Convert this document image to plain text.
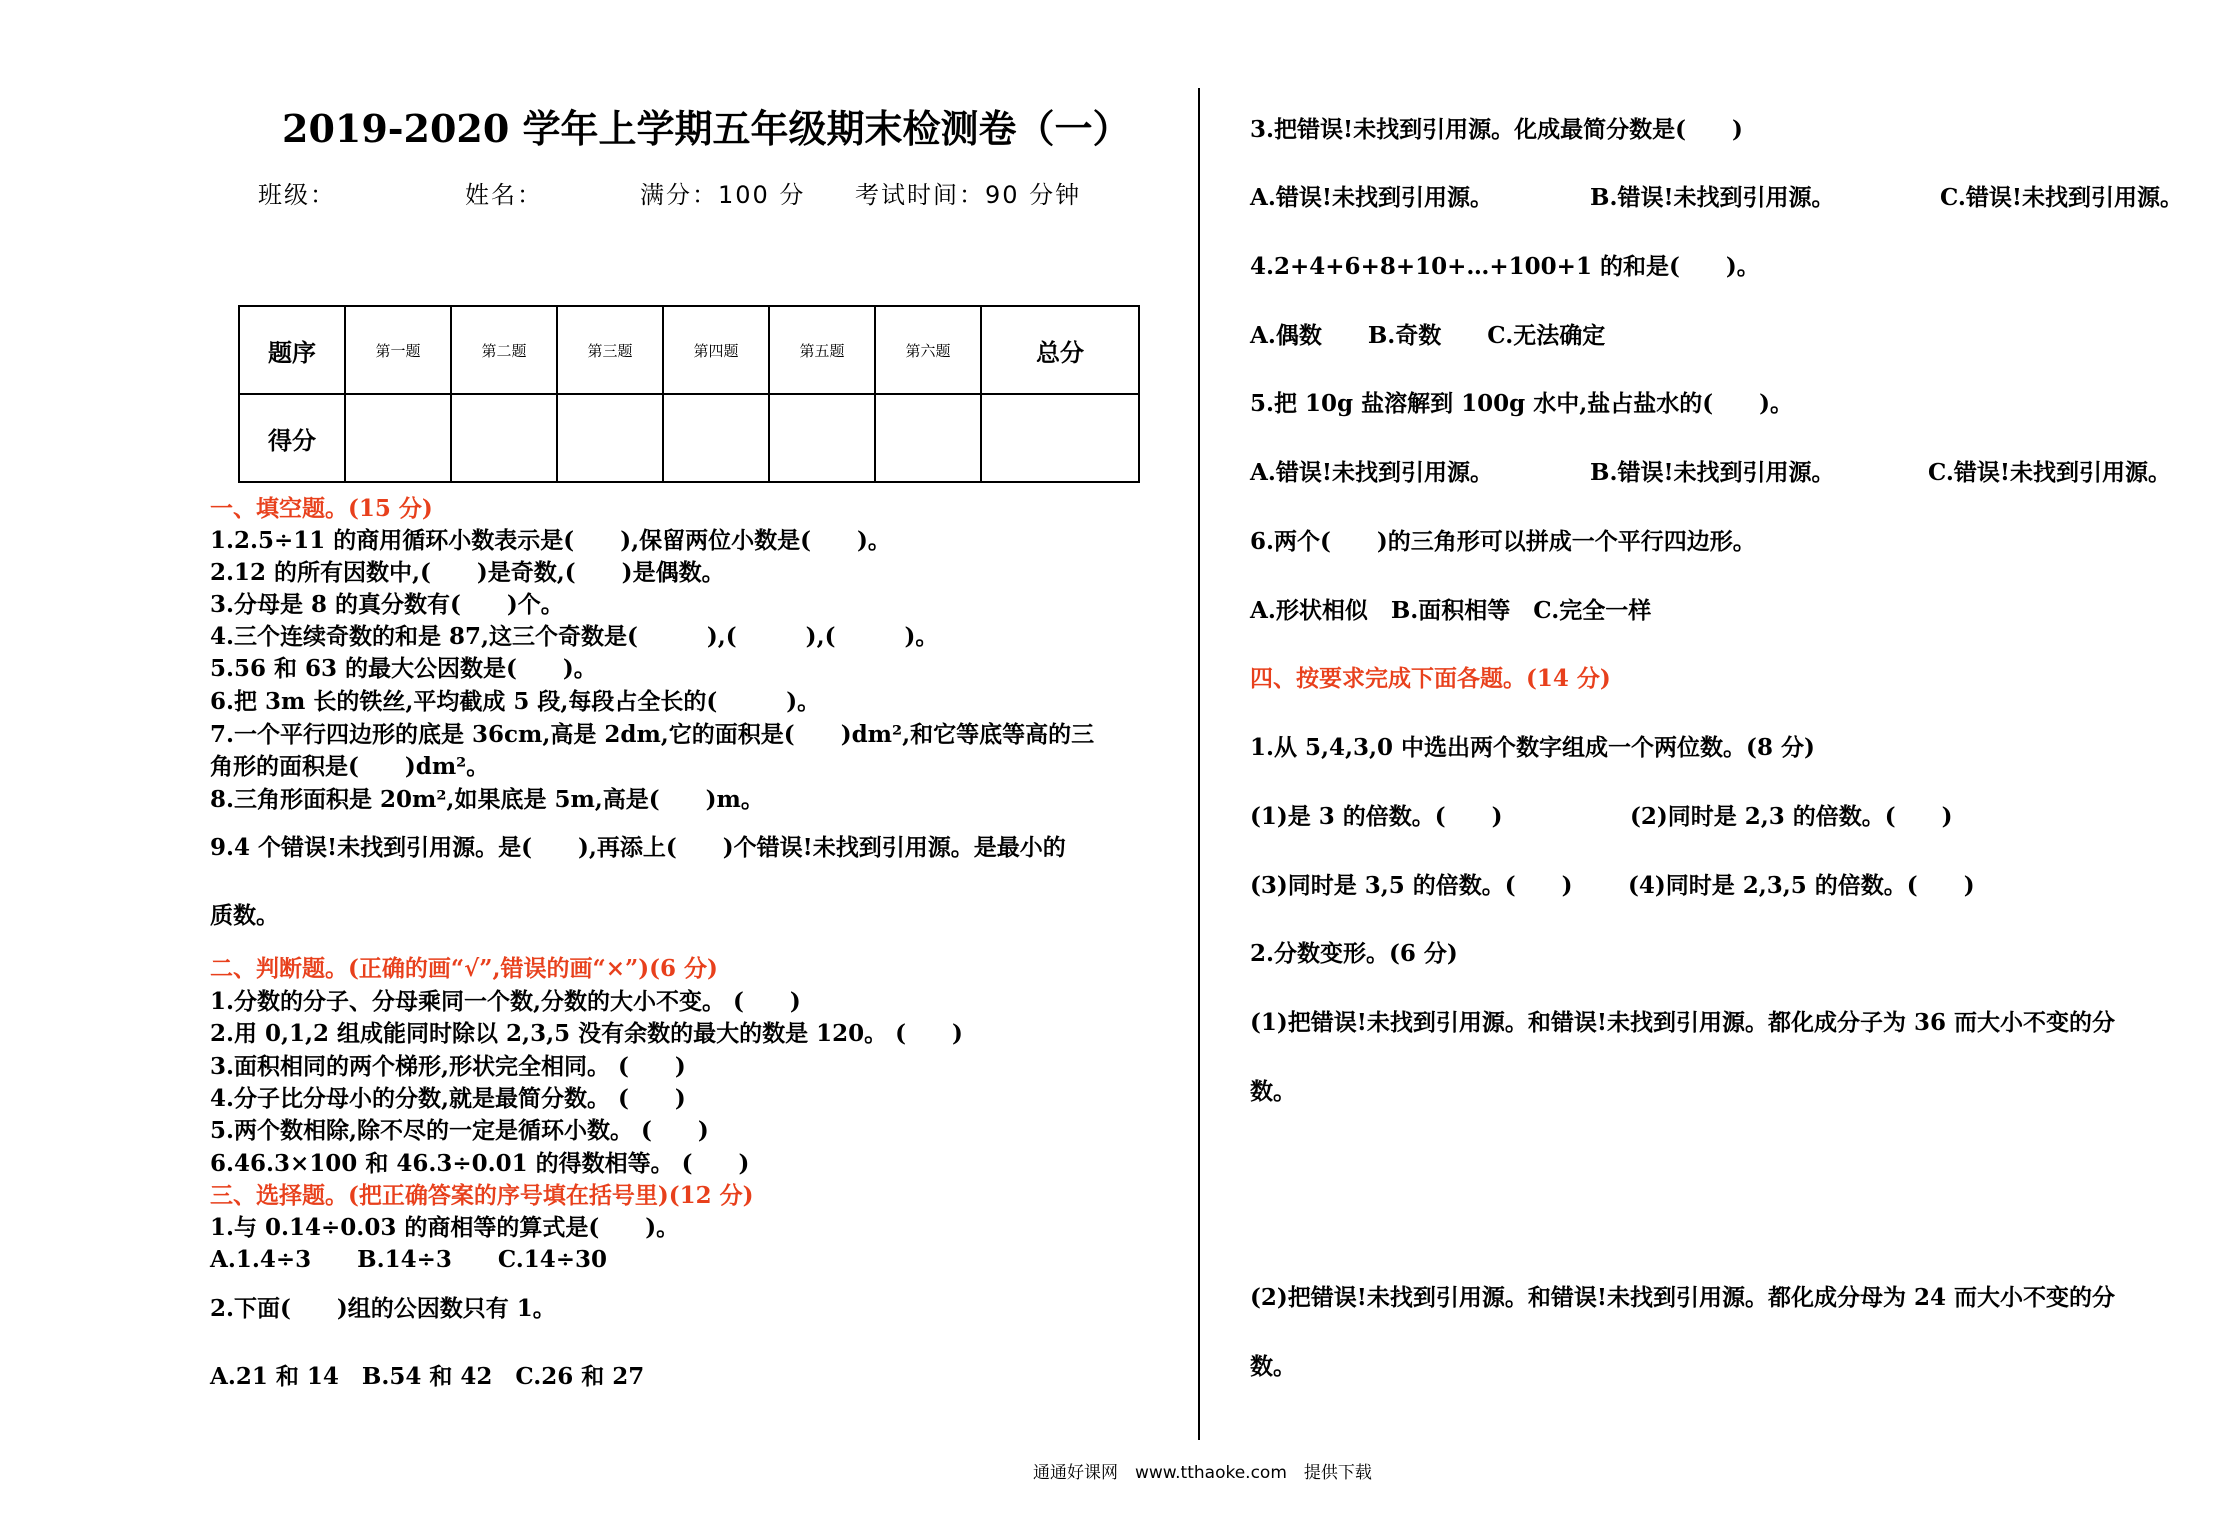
2019-2020 学年上学期五年级期末检测卷（一）
班级：	姓名：	满分：100 分 考试时间：90 分钟
题序	第一题	第二题	第三题	第四题	第五题	第六题	总分
得分							
一、填空题。(15 分)
1.2.5÷11 的商用循环小数表示是(　　),保留两位小数是(　　)。
2.12 的所有因数中,(　　)是奇数,(　　)是偶数。
3.分母是 8 的真分数有(　　)个。
4.三个连续奇数的和是 87,这三个奇数是(　　　),(　　　),(　　　)。
5.56 和 63 的最大公因数是(　　)。
6.把 3m 长的铁丝,平均截成 5 段,每段占全长的(　　　)。
7.一个平行四边形的底是 36cm,高是 2dm,它的面积是(　　)dm²,和它等底等高的三
角形的面积是(　　)dm²。
8.三角形面积是 20m²,如果底是 5m,高是(　　)m。
9.4 个错误!未找到引用源。是(　　),再添上(　　)个错误!未找到引用源。是最小的
质数。
二、判断题。(正确的画“√”,错误的画“×”)(6 分)
1.分数的分子、分母乘同一个数,分数的大小不变。 (　　)
2.用 0,1,2 组成能同时除以 2,3,5 没有余数的最大的数是 120。 (　　)
3.面积相同的两个梯形,形状完全相同。 (　　)
4.分子比分母小的分数,就是最简分数。 (　　)
5.两个数相除,除不尽的一定是循环小数。 (　　)
6.46.3×100 和 46.3÷0.01 的得数相等。 (　　)
三、选择题。(把正确答案的序号填在括号里)(12 分)
1.与 0.14÷0.03 的商相等的算式是(　　)。
A.1.4÷3　　B.14÷3　　C.14÷30
2.下面(　　)组的公因数只有 1。
A.21 和 14　B.54 和 42　C.26 和 27
3.把错误!未找到引用源。化成最简分数是(　　)
A.错误!未找到引用源。	B.错误!未找到引用源。	C.错误!未找到引用源。
4.2+4+6+8+10+…+100+1 的和是(　　)。
A.偶数　　B.奇数　　C.无法确定
5.把 10g 盐溶解到 100g 水中,盐占盐水的(　　)。
A.错误!未找到引用源。	B.错误!未找到引用源。	C.错误!未找到引用源。
6.两个(　　)的三角形可以拼成一个平行四边形。
A.形状相似　B.面积相等　C.完全一样
四、按要求完成下面各题。(14 分)
1.从 5,4,3,0 中选出两个数字组成一个两位数。(8 分)
(1)是 3 的倍数。(　　)	(2)同时是 2,3 的倍数。(　　)
(3)同时是 3,5 的倍数。(　　) (4)同时是 2,3,5 的倍数。(　　)
2.分数变形。(6 分)
(1)把错误!未找到引用源。和错误!未找到引用源。都化成分子为 36 而大小不变的分
数。
(2)把错误!未找到引用源。和错误!未找到引用源。都化成分母为 24 而大小不变的分
数。
通通好课网　www.tthaoke.com　提供下载
